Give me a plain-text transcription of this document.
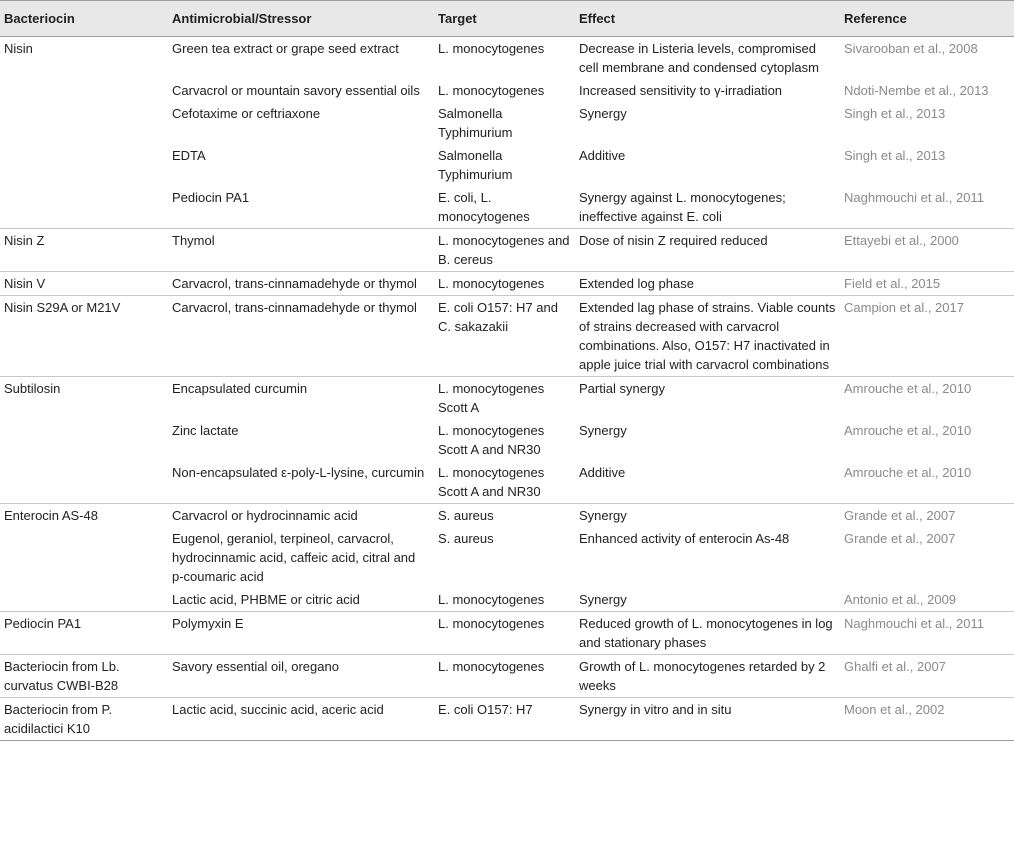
Bacteriocin	Antimicrobial/Stressor	Target	Effect	Reference
Nisin	Green tea extract or grape seed extract	L. monocytogenes	Decrease in Listeria levels, compromised cell membrane and condensed cytoplasm	Sivarooban et al., 2008
	Carvacrol or mountain savory essential oils	L. monocytogenes	Increased sensitivity to γ-irradiation	Ndoti-Nembe et al., 2013
	Cefotaxime or ceftriaxone	Salmonella Typhimurium	Synergy	Singh et al., 2013
	EDTA	Salmonella Typhimurium	Additive	Singh et al., 2013
	Pediocin PA1	E. coli, L. monocytogenes	Synergy against L. monocytogenes; ineffective against E. coli	Naghmouchi et al., 2011
Nisin Z	Thymol	L. monocytogenes and B. cereus	Dose of nisin Z required reduced	Ettayebi et al., 2000
Nisin V	Carvacrol, trans-cinnamadehyde or thymol	L. monocytogenes	Extended log phase	Field et al., 2015
Nisin S29A or M21V	Carvacrol, trans-cinnamadehyde or thymol	E. coli O157: H7 and C. sakazakii	Extended lag phase of strains. Viable counts of strains decreased with carvacrol combinations. Also, O157: H7 inactivated in apple juice trial with carvacrol combinations	Campion et al., 2017
Subtilosin	Encapsulated curcumin	L. monocytogenes Scott A	Partial synergy	Amrouche et al., 2010
	Zinc lactate	L. monocytogenes Scott A and NR30	Synergy	Amrouche et al., 2010
	Non-encapsulated ε-poly-L-lysine, curcumin	L. monocytogenes Scott A and NR30	Additive	Amrouche et al., 2010
Enterocin AS-48	Carvacrol or hydrocinnamic acid	S. aureus	Synergy	Grande et al., 2007
	Eugenol, geraniol, terpineol, carvacrol, hydrocinnamic acid, caffeic acid, citral and p-coumaric acid	S. aureus	Enhanced activity of enterocin As-48	Grande et al., 2007
	Lactic acid, PHBME or citric acid	L. monocytogenes	Synergy	Antonio et al., 2009
Pediocin PA1	Polymyxin E	L. monocytogenes	Reduced growth of L. monocytogenes in log and stationary phases	Naghmouchi et al., 2011
Bacteriocin from Lb. curvatus CWBI-B28	Savory essential oil, oregano	L. monocytogenes	Growth of L. monocytogenes retarded by 2 weeks	Ghalfi et al., 2007
Bacteriocin from P. acidilactici K10	Lactic acid, succinic acid, aceric acid	E. coli O157: H7	Synergy in vitro and in situ	Moon et al., 2002
